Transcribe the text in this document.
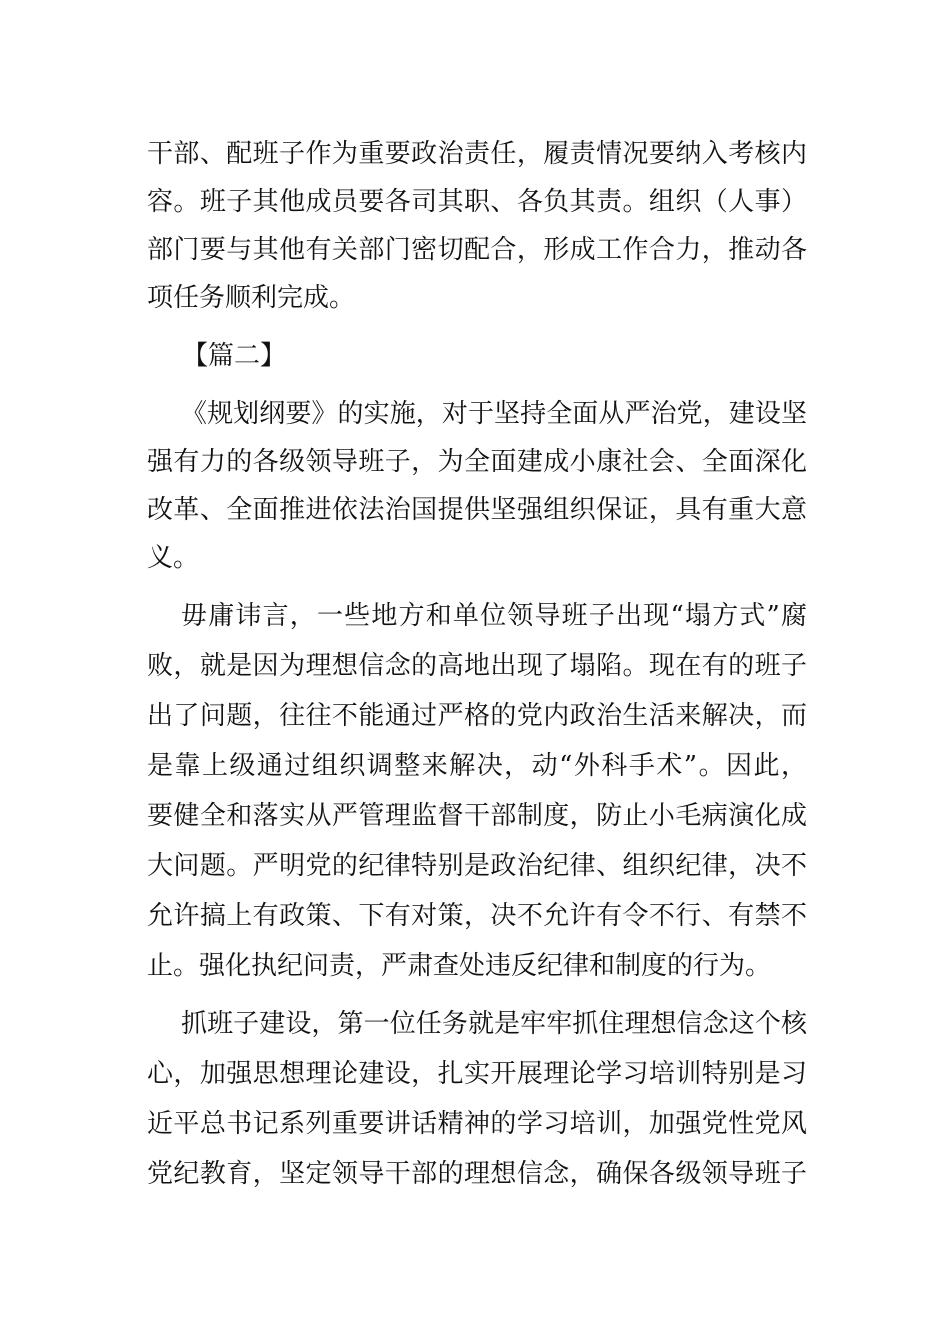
干部、配班子作为重要政治责任，履责情况要纳入考核内
容。班子其他成员要各司其职、各负其责。组织（人事）
部门要与其他有关部门密切配合，形成工作合力，推动各
项任务顺利完成。
【篇二】
《规划纲要》的实施，对于坚持全面从严治党，建设坚
强有力的各级领导班子，为全面建成小康社会、全面深化
改革、全面推进依法治国提供坚强组织保证，具有重大意
义。
毋庸讳言，一些地方和单位领导班子出现“塌方式”腐
败，就是因为理想信念的高地出现了塌陷。现在有的班子
出了问题，往往不能通过严格的党内政治生活来解决，而
是靠上级通过组织调整来解决，动“外科手术”。因此，
要健全和落实从严管理监督干部制度，防止小毛病演化成
大问题。严明党的纪律特别是政治纪律、组织纪律，决不
允许搞上有政策、下有对策，决不允许有令不行、有禁不
止。强化执纪问责，严肃查处违反纪律和制度的行为。
抓班子建设，第一位任务就是牢牢抓住理想信念这个核
心，加强思想理论建设，扎实开展理论学习培训特别是习
近平总书记系列重要讲话精神的学习培训，加强党性党风
党纪教育，坚定领导干部的理想信念，确保各级领导班子
